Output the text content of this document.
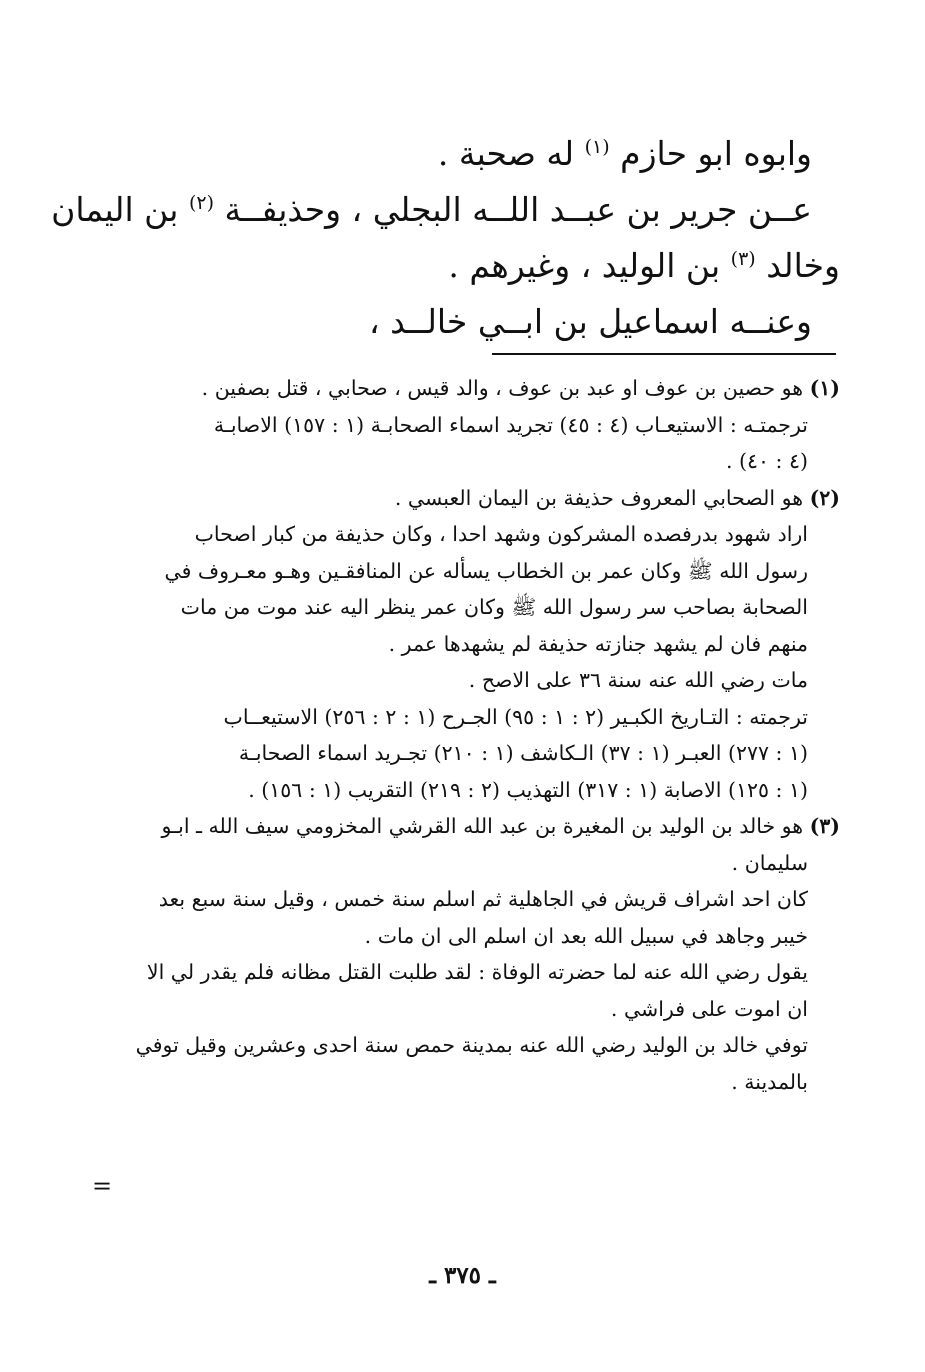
وابوه ابو حازم $^{(١)}$ له صحبة .
عــن جرير بن عبــد اللــه البجلي ، وحذيفــة $^{(٢)}$ بن اليمان
وخالد $^{(٣)}$ بن الوليد ، وغيرهم .
وعنــه اسماعيل بن ابــي خالــد ،
(١) هو حصين بن عوف او عبد بن عوف ، والد قيس ، صحابي ، قتل بصفين .
ترجمتـه : الاستيعـاب (٤ : ٤٥) تجريد اسماء الصحابـة (١ : ١٥٧) الاصابـة
(٤ : ٤٠) .
(٢) هو الصحابي المعروف حذيفة بن اليمان العبسي .
اراد شهود بدرفصده المشركون وشهد احدا ، وكان حذيفة من كبار اصحاب
رسول الله ﷺ وكان عمر بن الخطاب يسأله عن المنافقـين وهـو معـروف في
الصحابة بصاحب سر رسول الله ﷺ وكان عمر ينظر اليه عند موت من مات
منهم فان لم يشهد جنازته حذيفة لم يشهدها عمر .
مات رضي الله عنه سنة ٣٦ على الاصح .
ترجمته : التـاريخ الكبـير (٢ : ١ : ٩٥) الجـرح (١ : ٢ : ٢٥٦) الاستيعــاب
(١ : ٢٧٧) العبـر (١ : ٣٧) الـكاشف (١ : ٢١٠) تجـريد اسماء الصحابـة
(١ : ١٢٥) الاصابة (١ : ٣١٧) التهذيب (٢ : ٢١٩) التقريب (١ : ١٥٦) .
(٣) هو خالد بن الوليد بن المغيرة بن عبد الله القرشي المخزومي سيف الله ـ ابـو
سليمان .
كان احد اشراف قريش في الجاهلية ثم اسلم سنة خمس ، وقيل سنة سبع بعد
خيبر وجاهد في سبيل الله بعد ان اسلم الى ان مات .
يقول رضي الله عنه لما حضرته الوفاة : لقد طلبت القتل مظانه فلم يقدر لي الا
ان اموت على فراشي .
توفي خالد بن الوليد رضي الله عنه بمدينة حمص سنة احدى وعشرين وقيل توفي
بالمدينة .
=
ـ ٣٧٥ ـ
